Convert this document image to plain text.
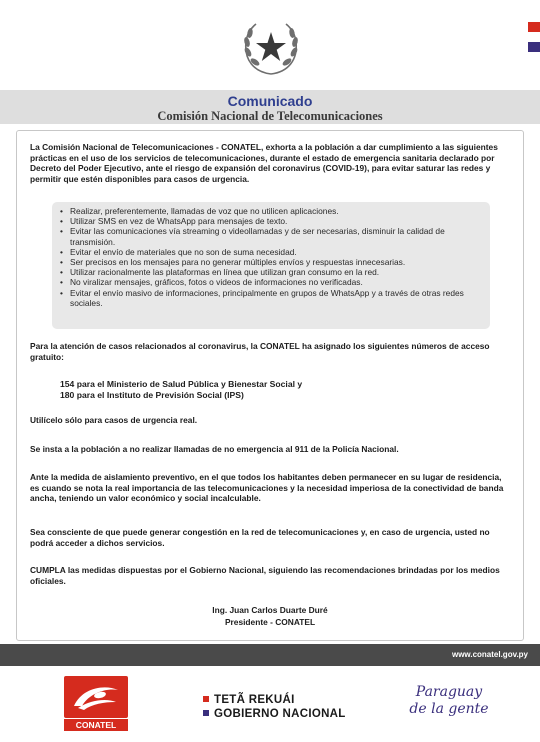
Comunicado
Comisión Nacional de Telecomunicaciones

La Comisión Nacional de Telecomunicaciones - CONATEL, exhorta a la población a dar cumplimiento a las siguientes prácticas en el uso de los servicios de telecomunicaciones, durante el estado de emergencia sanitaria declarado por Decreto del Poder Ejecutivo, ante el riesgo de expansión del coronavirus (COVID-19), para evitar saturar las redes y permitir que estén disponibles para casos de urgencia.

• Realizar, preferentemente, llamadas de voz que no utilicen aplicaciones.
• Utilizar SMS en vez de WhatsApp para mensajes de texto.
• Evitar las comunicaciones vía streaming o videollamadas y de ser necesarias, disminuir la calidad de transmisión.
• Evitar el envío de materiales que no son de suma necesidad.
• Ser precisos en los mensajes para no generar múltiples envíos y respuestas innecesarias.
• Utilizar racionalmente las plataformas en línea que utilizan gran consumo en la red.
• No viralizar mensajes, gráficos, fotos o videos de informaciones no verificadas.
• Evitar el envío masivo de informaciones, principalmente en grupos de WhatsApp y a través de otras redes sociales.

Para la atención de casos relacionados al coronavirus, la CONATEL ha asignado los siguientes números de acceso gratuito:

154 para el Ministerio de Salud Pública y Bienestar Social y
180 para el Instituto de Previsión Social (IPS)

Utilícelo sólo para casos de urgencia real.

Se insta a la población a no realizar llamadas de no emergencia al 911 de la Policía Nacional.

Ante la medida de aislamiento preventivo, en el que todos los habitantes deben permanecer en su lugar de residencia, es cuando se nota la real importancia de las telecomunicaciones y la necesidad imperiosa de la conectividad de banda ancha, teniendo un valor económico y social incalculable.

Sea consciente de que puede generar congestión en la red de telecomunicaciones y, en caso de urgencia, usted no podrá acceder a dichos servicios.

CUMPLA las medidas dispuestas por el Gobierno Nacional, siguiendo las recomendaciones brindadas por los medios oficiales.

Ing. Juan Carlos Duarte Duré
Presidente - CONATEL
www.conatel.gov.py
CONATEL
TETÃ REKUÁI
GOBIERNO NACIONAL
Paraguay
de la gente
